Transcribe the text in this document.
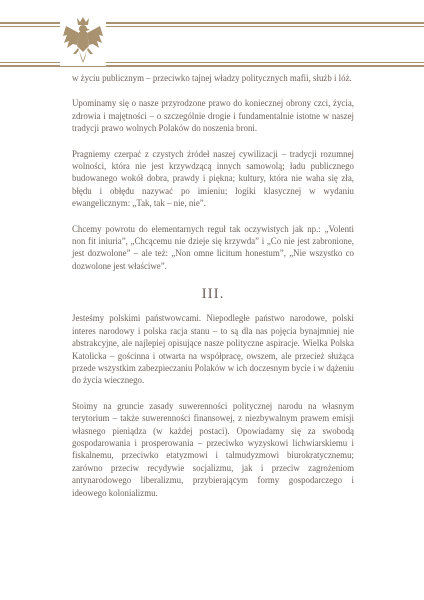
w życiu publicznym – przeciwko tajnej władzy politycznych mafii, służb i lóż.

Upominamy się o nasze przyrodzone prawo do koniecznej obrony czci, życia, zdrowia i majętności – o szczególnie drogie i fundamentalnie istotne w naszej tradycji prawo wolnych Polaków do noszenia broni.

Pragniemy czerpać z czystych źródeł naszej cywilizacji – tradycji rozumnej wolności, która nie jest krzywdzącą innych samowolą; ładu publicznego budowanego wokół dobra, prawdy i piękna; kultury, która nie waha się zła, błędu i obłędu nazywać po imieniu; logiki klasycznej w wydaniu ewangelicznym: „Tak, tak – nie, nie”.

Chcemy powrotu do elementarnych reguł tak oczywistych jak np.: „Volenti non fit iniuria”, „Chcącemu nie dzieje się krzywda” i „Co nie jest zabronione, jest dozwolone” – ale też: „Non omne licitum honestum”, „Nie wszystko co dozwolone jest właściwe”.

III.

Jesteśmy polskimi państwowcami. Niepodległe państwo narodowe, polski interes narodowy i polska racja stanu – to są dla nas pojęcia bynajmniej nie abstrakcyjne, ale najlepiej opisujące nasze polityczne aspiracje. Wielka Polska Katolicka – gościnna i otwarta na współpracę, owszem, ale przecież służąca przede wszystkim zabezpieczaniu Polaków w ich doczesnym bycie i w dążeniu do życia wiecznego.

Stoimy na gruncie zasady suwerenności politycznej narodu na własnym terytorium – także suwerenności finansowej, z niezbywalnym prawem emisji własnego pieniądza (w każdej postaci). Opowiadamy się za swobodą gospodarowania i prosperowania – przeciwko wyzyskowi lichwiarskiemu i fiskalnemu, przeciwko etatyzmowi i talmudyzmowi biurokratycznemu; zarówno przeciw recydywie socjalizmu, jak i przeciw zagrożeniom antynarodowego liberalizmu, przybierającym formy gospodarczego i ideowego kolonializmu.
